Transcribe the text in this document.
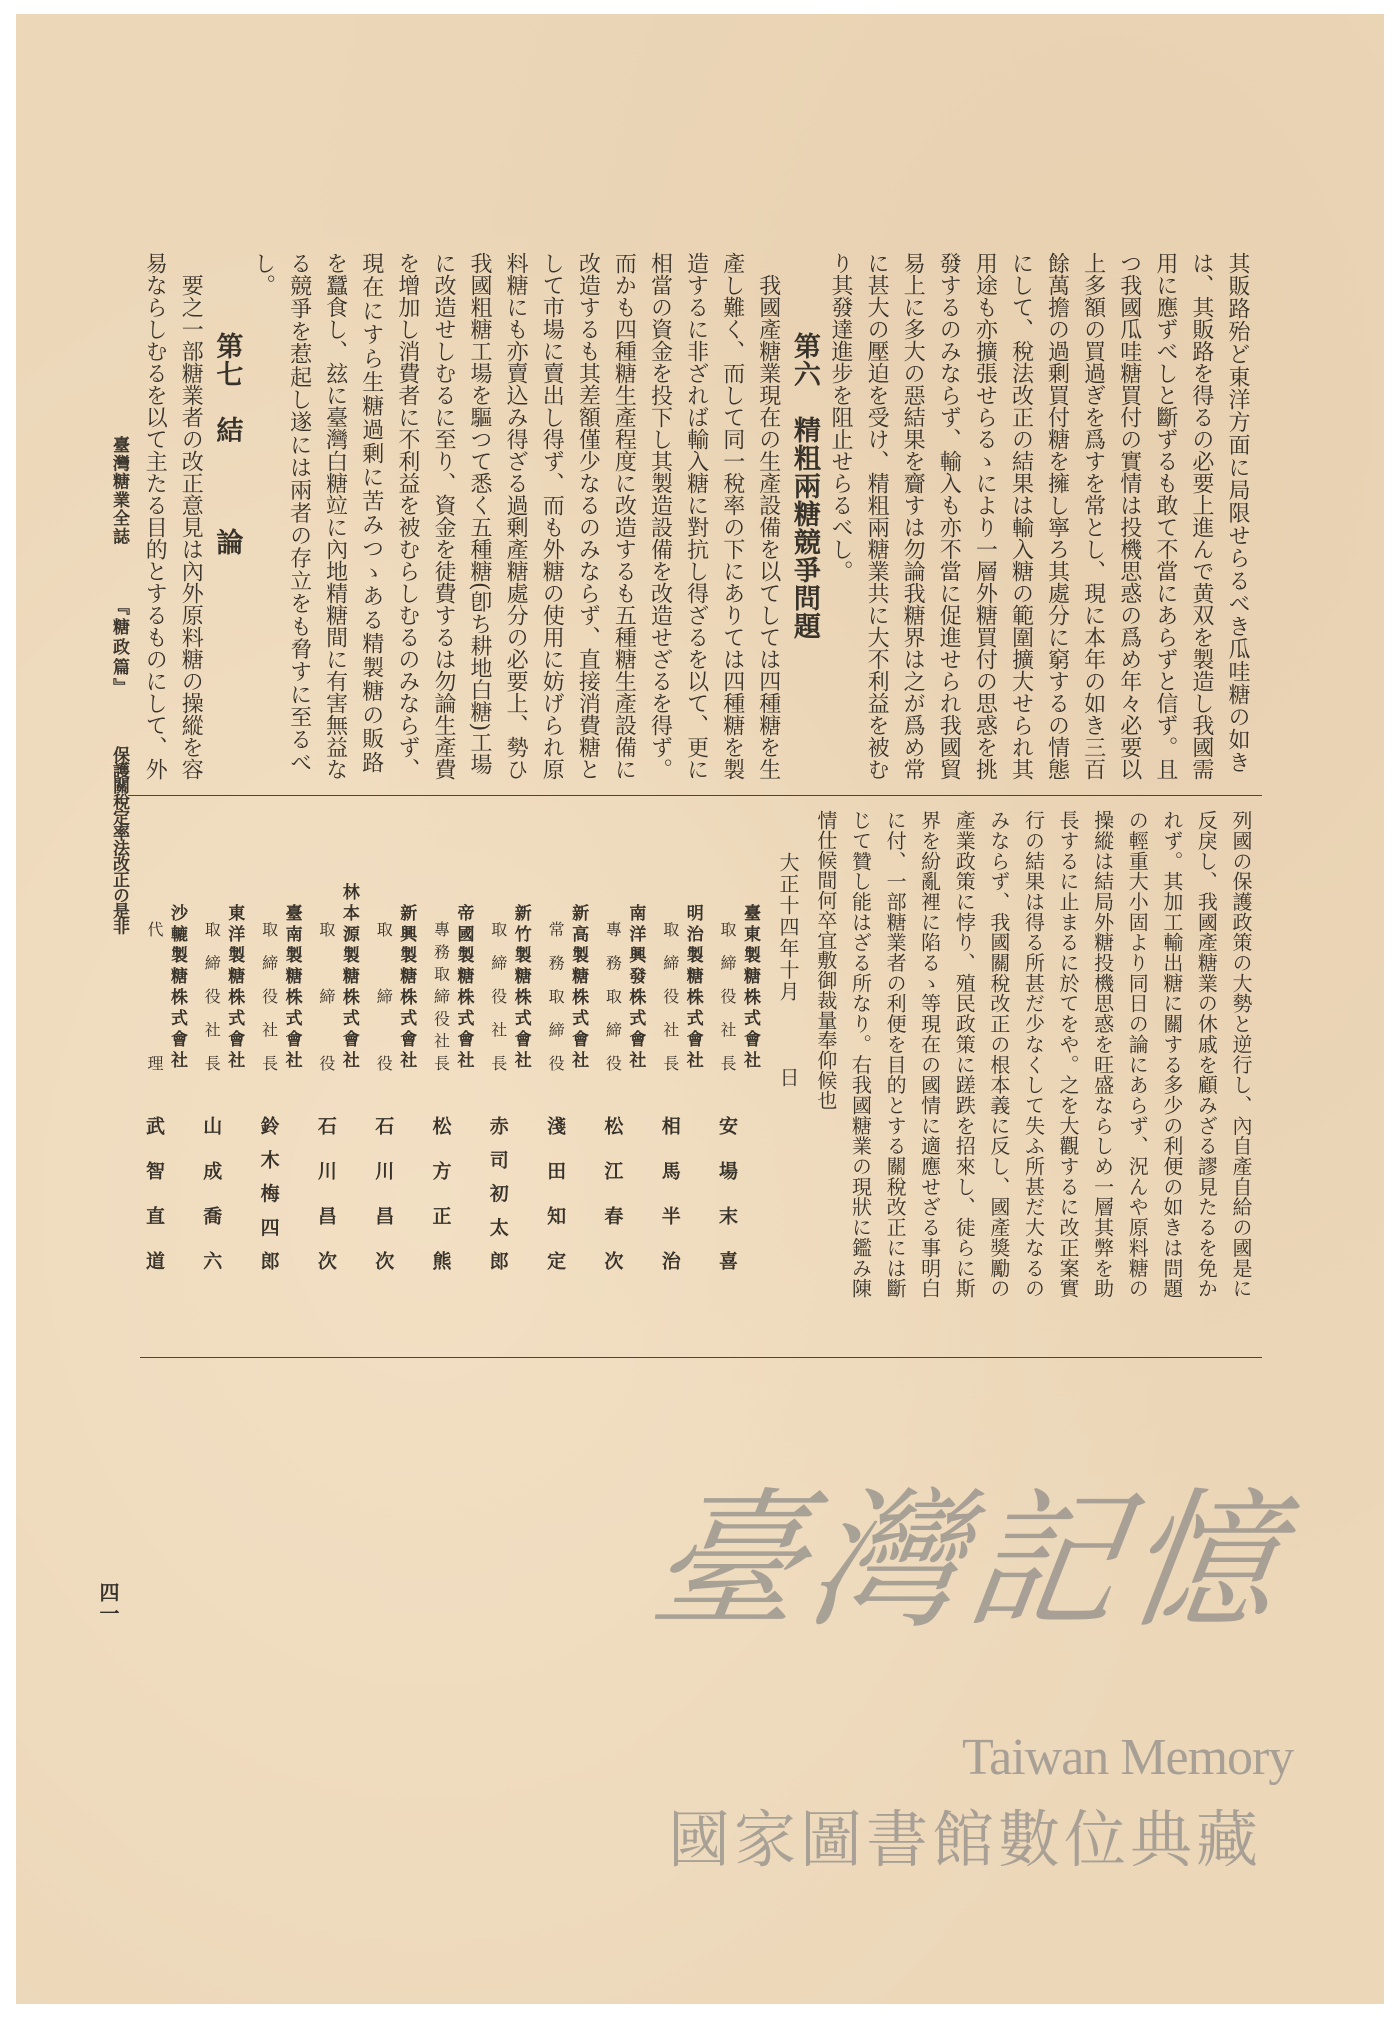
臺灣糖業全誌
『糖政篇』
保護關稅定率法改正の是非
其販路殆ど東洋方面に局限せらるべき瓜哇糖の如き
は、其販路を得るの必要上進んで黄双を製造し我國需
用に應ずべしと斷ずるも敢て不當にあらずと信ず。且
つ我國瓜哇糖買付の實情は投機思惑の爲め年々必要以
上多額の買過ぎを爲すを常とし、現に本年の如き三百
餘萬擔の過剰買付糖を擁し寧ろ其處分に窮するの情態
にして、稅法改正の結果は輸入糖の範圍擴大せられ其
用途も亦擴張せらるゝにより一層外糖買付の思惑を挑
發するのみならず、輸入も亦不當に促進せられ我國貿
易上に多大の惡結果を齎すは勿論我糖界は之が爲め常
に甚大の壓迫を受け、精粗兩糖業共に大不利益を被む
り其發達進步を阻止せらるべし。
第六　精粗兩糖競爭問題
　我國產糖業現在の生產設備を以てしては四種糖を生
產し難く、而して同一稅率の下にありては四種糖を製
造するに非ざれば輸入糖に對抗し得ざるを以て、更に
相當の資金を投下し其製造設備を改造せざるを得ず。
而かも四種糖生產程度に改造するも五種糖生產設備に
改造するも其差額僅少なるのみならず、直接消費糖と
して市場に賣出し得ず、而も外糖の使用に妨げられ原
料糖にも亦賣込み得ざる過剰產糖處分の必要上、勢ひ
我國粗糖工場を驅つて悉く五種糖(卽ち耕地白糖)工場
に改造せしむるに至り、資金を徒費するは勿論生產費
を增加し消費者に不利益を被むらしむるのみならず、
現在にすら生糖過剰に苦みつゝある精製糖の販路
を蠶食し、玆に臺灣白糖竝に內地精糖間に有害無益な
る競爭を惹起し遂には兩者の存立をも脅すに至るべ
し。
第七　結　　　論
　要之一部糖業者の改正意見は內外原料糖の操縱を容
易ならしむるを以て主たる目的とするものにして、外
列國の保護政策の大勢と逆行し、內自產自給の國是に
反戾し、我國產糖業の休戚を顧みざる謬見たるを免か
れず。其加工輸出糖に關する多少の利便の如きは問題
の輕重大小固より同日の論にあらず、況んや原料糖の
操縱は結局外糖投機思惑を旺盛ならしめ一層其弊を助
長するに止まるに於てをや。之を大觀するに改正案實
行の結果は得る所甚だ少なくして失ふ所甚だ大なるの
みならず、我國關稅改正の根本義に反し、國產獎勵の
產業政策に悖り、殖民政策に蹉跌を招來し、徒らに斯
界を紛亂裡に陷るゝ等現在の國情に適應せざる事明白
に付、一部糖業者の利便を目的とする關稅改正には斷
じて贊し能はざる所なり。右我國糖業の現狀に鑑み陳
情仕候間何卒宜敷御裁量奉仰候也
大正十四年十月　　　日
臺東製糖株式會社
取締役社長
安場末喜
明治製糖株式會社
取締役社長
相馬半治
南洋興發株式會社
專務取締役
松江春次
新高製糖株式會社
常務取締役
淺田知定
新竹製糖株式會社
取締役社長
赤司初太郎
帝國製糖株式會社
專務取締役社長
松方正熊
新興製糖株式會社
取締役
石川昌次
林本源製糖株式會社
取締役
石川昌次
臺南製糖株式會社
取締役社長
鈴木梅四郎
東洋製糖株式會社
取締役社長
山成喬六
沙轆製糖株式會社
代理
武智直道
四一	臺灣記憶
Taiwan Memory
國家圖書館數位典藏
